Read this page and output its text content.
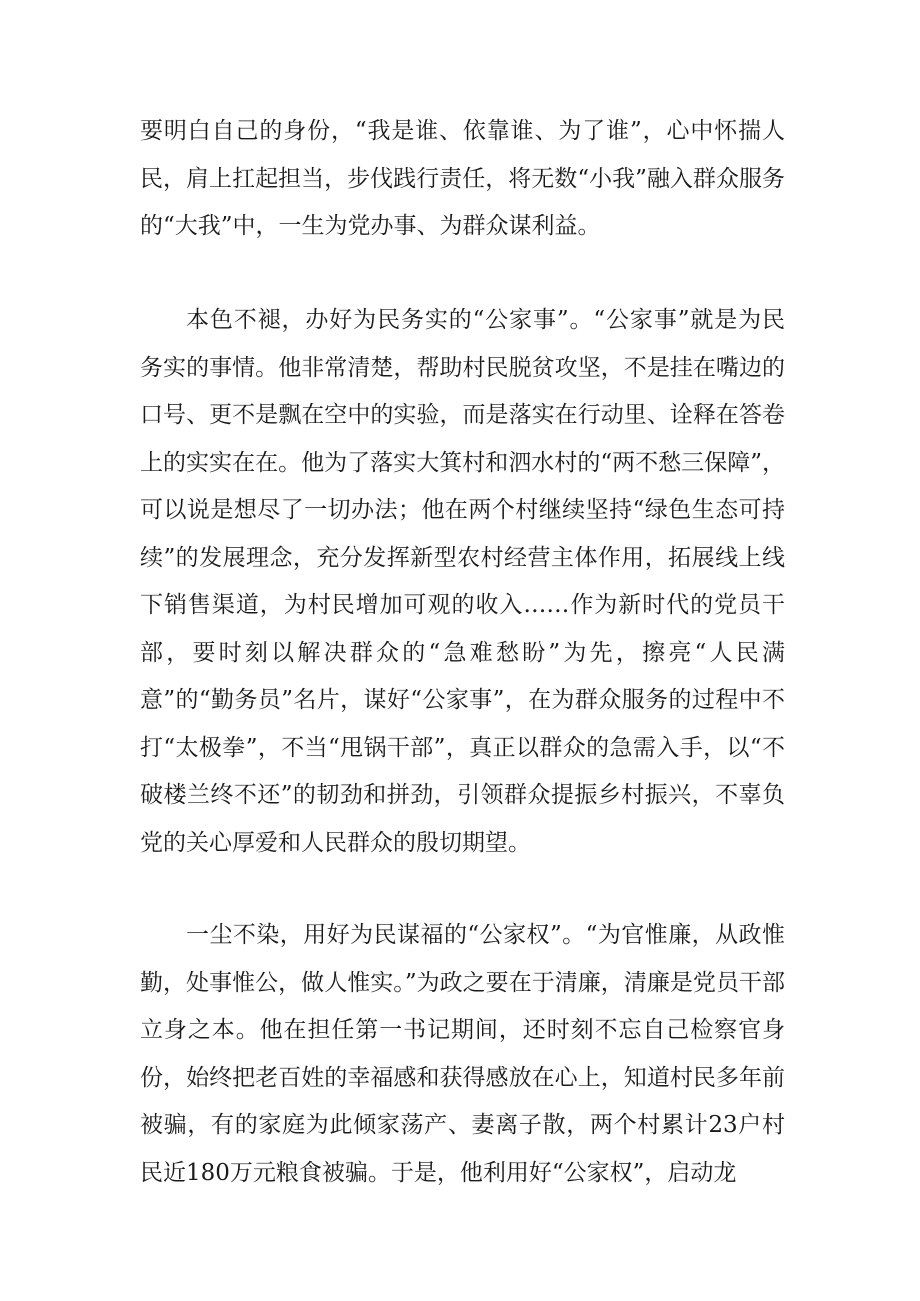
要明白自己的身份，“我是谁、依靠谁、为了谁”，心中怀揣人民，肩上扛起担当，步伐践行责任，将无数“小我”融入群众服务的“大我”中，一生为党办事、为群众谋利益。

本色不褪，办好为民务实的“公家事”。“公家事”就是为民务实的事情。他非常清楚，帮助村民脱贫攻坚，不是挂在嘴边的口号、更不是飘在空中的实验，而是落实在行动里、诠释在答卷上的实实在在。他为了落实大箕村和泗水村的“两不愁三保障”，可以说是想尽了一切办法；他在两个村继续坚持“绿色生态可持续”的发展理念，充分发挥新型农村经营主体作用，拓展线上线下销售渠道，为村民增加可观的收入……作为新时代的党员干部，要时刻以解决群众的“急难愁盼”为先，擦亮“人民满意”的“勤务员”名片，谋好“公家事”，在为群众服务的过程中不打“太极拳”，不当“甩锅干部”，真正以群众的急需入手，以“不破楼兰终不还”的韧劲和拼劲，引领群众提振乡村振兴，不辜负党的关心厚爱和人民群众的殷切期望。

一尘不染，用好为民谋福的“公家权”。“为官惟廉，从政惟勤，处事惟公，做人惟实。”为政之要在于清廉，清廉是党员干部立身之本。他在担任第一书记期间，还时刻不忘自己检察官身份，始终把老百姓的幸福感和获得感放在心上，知道村民多年前被骗，有的家庭为此倾家荡产、妻离子散，两个村累计23户村民近180万元粮食被骗。于是，他利用好“公家权”，启动龙
